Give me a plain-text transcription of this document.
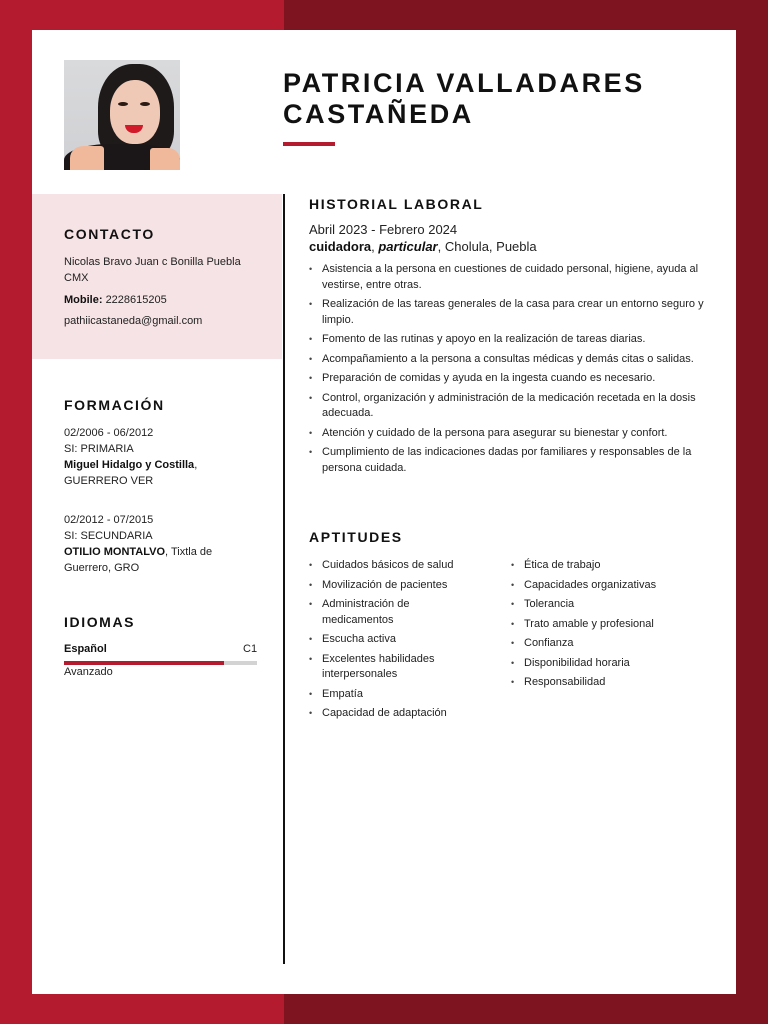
PATRICIA VALLADARES
CASTAÑEDA
CONTACTO
Nicolas Bravo Juan c Bonilla Puebla
CMX
Mobile: 2228615205
pathiicastaneda@gmail.com
FORMACIÓN
02/2006 - 06/2012
SI: PRIMARIA
Miguel Hidalgo y Costilla,
GUERRERO VER
02/2012 - 07/2015
SI: SECUNDARIA
OTILIO MONTALVO, Tixtla de
Guerrero, GRO
IDIOMAS
Español	C1
Avanzado
HISTORIAL LABORAL
Abril 2023 - Febrero 2024
cuidadora, particular, Cholula, Puebla
• Asistencia a la persona en cuestiones de cuidado personal, higiene, ayuda al vestirse, entre otras.
• Realización de las tareas generales de la casa para crear un entorno seguro y limpio.
• Fomento de las rutinas y apoyo en la realización de tareas diarias.
• Acompañamiento a la persona a consultas médicas y demás citas o salidas.
• Preparación de comidas y ayuda en la ingesta cuando es necesario.
• Control, organización y administración de la medicación recetada en la dosis adecuada.
• Atención y cuidado de la persona para asegurar su bienestar y confort.
• Cumplimiento de las indicaciones dadas por familiares y responsables de la persona cuidada.
APTITUDES
• Cuidados básicos de salud
• Movilización de pacientes
• Administración de medicamentos
• Escucha activa
• Excelentes habilidades interpersonales
• Empatía
• Capacidad de adaptación
• Ética de trabajo
• Capacidades organizativas
• Tolerancia
• Trato amable y profesional
• Confianza
• Disponibilidad horaria
• Responsabilidad
